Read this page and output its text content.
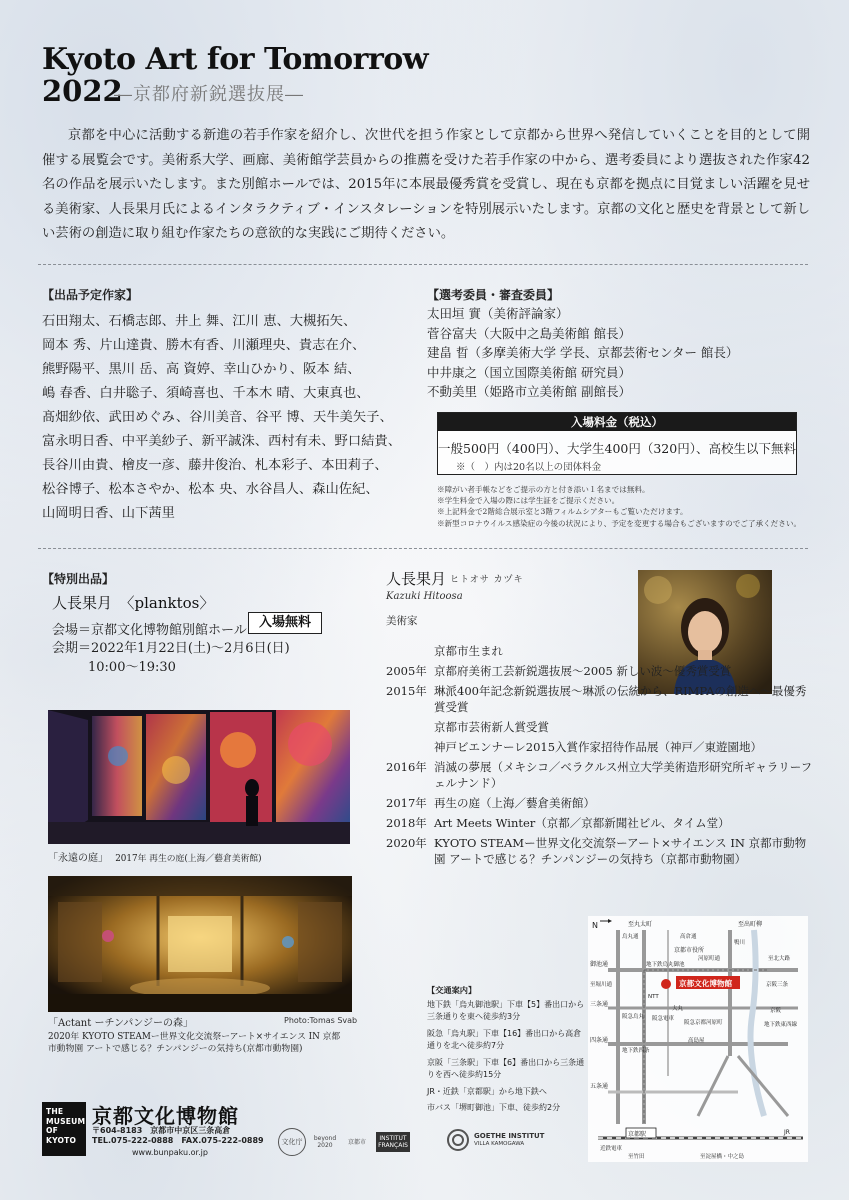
Kyoto Art for Tomorrow
2022
―京都府新鋭選抜展―

京都を中心に活動する新進の若手作家を紹介し、次世代を担う作家として京都から世界へ発信していくことを目的として開催する展覧会です。美術系大学、画廊、美術館学芸員からの推薦を受けた若手作家の中から、選考委員により選抜された作家42名の作品を展示いたします。また別館ホールでは、2015年に本展最優秀賞を受賞し、現在も京都を拠点に目覚ましい活躍を見せる美術家、人長果月氏によるインタラクティブ・インスタレーションを特別展示いたします。京都の文化と歴史を背景として新しい芸術の創造に取り組む作家たちの意欲的な実践にご期待ください。

【出品予定作家】
石田翔太、石橋志郎、井上 舞、江川 恵、大槻拓矢、
岡本 秀、片山達貴、勝木有香、川瀬理央、貴志在介、
熊野陽平、黒川 岳、高 資婷、幸山ひかり、阪本 結、
嶋 春香、白井聡子、須崎喜也、千本木 晴、大東真也、
髙畑紗依、武田めぐみ、谷川美音、谷平 博、天牛美矢子、
富永明日香、中平美紗子、新平誠洙、西村有未、野口結貴、
長谷川由貴、檜皮一彦、藤井俊治、札本彩子、本田莉子、
松谷博子、松本さやか、松本 央、水谷昌人、森山佐紀、
山岡明日香、山下茜里
【選考委員・審査委員】
太田垣 實（美術評論家）
菅谷富夫（大阪中之島美術館 館長）
建畠 晢（多摩美術大学 学長、京都芸術センター 館長）
中井康之（国立国際美術館 研究員）
不動美里（姫路市立美術館 副館長）
入場料金（税込）
一般500円（400円）、大学生400円（320円）、高校生以下無料
※（　）内は20名以上の団体料金
※障がい者手帳などをご提示の方と付き添い１名までは無料。
※学生料金で入場の際には学生証をご提示ください。
※上記料金で2階総合展示室と3階フィルムシアターもご覧いただけます。
※新型コロナウイルス感染症の今後の状況により、予定を変更する場合もございますのでご了承ください。
【特別出品】
人長果月　〈planktos〉
会場＝京都文化博物館別館ホール
入場無料
会期＝2022年1月22日(土)～2月6日(日)
10:00～19:30
「永遠の庭」 2017年 再生の庭(上海／藝倉美術館)
「Actant ーチンパンジーの森」	Photo:Tomas Svab
2020年 KYOTO STEAMー世界文化交流祭ーアート×サイエンス IN 京都市動物園 アートで感じる？チンパンジーの気持ち(京都市動物園)
人長果月 ヒトオサ カヅキ
Kazuki Hitoosa
美術家
京都市生まれ
2005年 京都府美術工芸新鋭選抜展～2005 新しい波～優秀賞受賞
2015年 琳派400年記念新鋭選抜展～琳派の伝統から、RIMPAの創造へ～最優秀賞受賞
京都市芸術新人賞受賞
神戸ビエンナーレ2015入賞作家招待作品展（神戸／東遊園地）
2016年 消滅の夢展（メキシコ／ベラクルス州立大学美術造形研究所ギャラリーフェルナンド）
2017年 再生の庭（上海／藝倉美術館）
2018年 Art Meets Winter（京都／京都新聞社ビル、タイム堂）
2020年 KYOTO STEAMー世界文化交流祭ーアート×サイエンス IN 京都市動物園 アートで感じる？チンパンジーの気持ち（京都市動物園）
【交通案内】

地下鉄「烏丸御池駅」下車【5】番出口から三条通りを東へ徒歩約3分

阪急「烏丸駅」下車【16】番出口から高倉通りを北へ徒歩約7分

京阪「三条駅」下車【6】番出口から三条通りを西へ徒歩約15分

JR・近鉄「京都駅」から地下鉄へ

市バス「堺町御池」下車、徒歩約2分

N
京都文化博物館
至丸太町	至出町柳
御池通
三条通
四条通
五条通
京都市役所
地下鉄烏丸御池
NTT
京阪三条
阪急烏丸
阪急京都河原町
地下鉄四条
高島屋
大丸
阪急電車
京阪
鴨川
河原町通
至堀川通
高倉通
烏丸通
至北大路
地下鉄東西線
京都駅	JR
近鉄電車
至竹田	至淀屋橋・中之島
THE
MUSEUM
OF KYOTO
京都文化博物館
〒604-8183　京都市中京区三条高倉
TEL.075-222-0888　FAX.075-222-0889
www.bunpaku.or.jp
文化庁	beyond 2020	京都市	INSTITUT FRANÇAIS
GOETHE INSTITUT
VILLA KAMOGAWA
